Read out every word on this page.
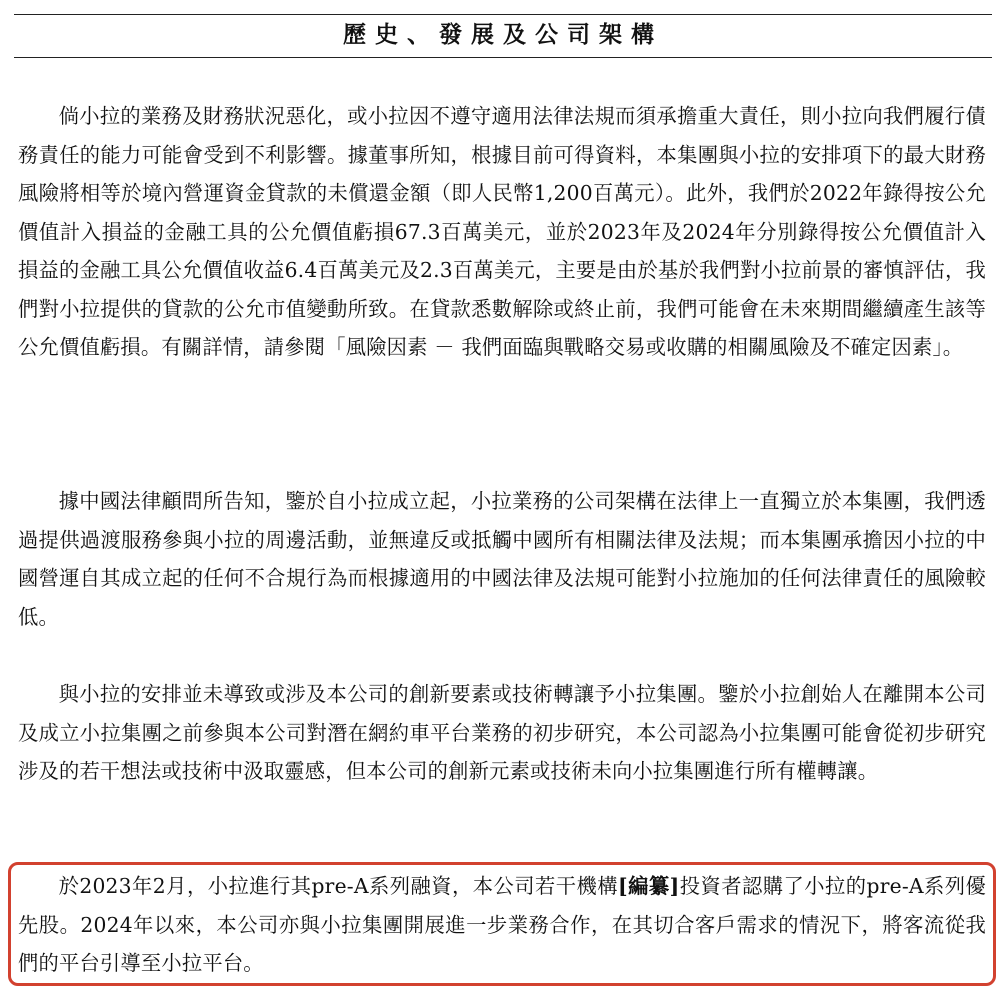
歷史、發展及公司架構

倘小拉的業務及財務狀況惡化，或小拉因不遵守適用法律法規而須承擔重大責任，則小拉向我們履行債務責任的能力可能會受到不利影響。據董事所知，根據目前可得資料，本集團與小拉的安排項下的最大財務風險將相等於境內營運資金貸款的未償還金額（即人民幣1,200百萬元）。此外，我們於2022年錄得按公允價值計入損益的金融工具的公允價值虧損67.3百萬美元，並於2023年及2024年分別錄得按公允價值計入損益的金融工具公允價值收益6.4百萬美元及2.3百萬美元，主要是由於基於我們對小拉前景的審慎評估，我們對小拉提供的貸款的公允市值變動所致。在貸款悉數解除或終止前，我們可能會在未來期間繼續產生該等公允價值虧損。有關詳情，請參閱「風險因素 － 我們面臨與戰略交易或收購的相關風險及不確定因素」。

據中國法律顧問所告知，鑒於自小拉成立起，小拉業務的公司架構在法律上一直獨立於本集團，我們透過提供過渡服務參與小拉的周邊活動，並無違反或抵觸中國所有相關法律及法規；而本集團承擔因小拉的中國營運自其成立起的任何不合規行為而根據適用的中國法律及法規可能對小拉施加的任何法律責任的風險較低。

與小拉的安排並未導致或涉及本公司的創新要素或技術轉讓予小拉集團。鑒於小拉創始人在離開本公司及成立小拉集團之前參與本公司對潛在網約車平台業務的初步研究，本公司認為小拉集團可能會從初步研究涉及的若干想法或技術中汲取靈感，但本公司的創新元素或技術未向小拉集團進行所有權轉讓。

於2023年2月，小拉進行其pre-A系列融資，本公司若干機構[編纂]投資者認購了小拉的pre-A系列優先股。2024年以來，本公司亦與小拉集團開展進一步業務合作，在其切合客戶需求的情況下，將客流從我們的平台引導至小拉平台。
